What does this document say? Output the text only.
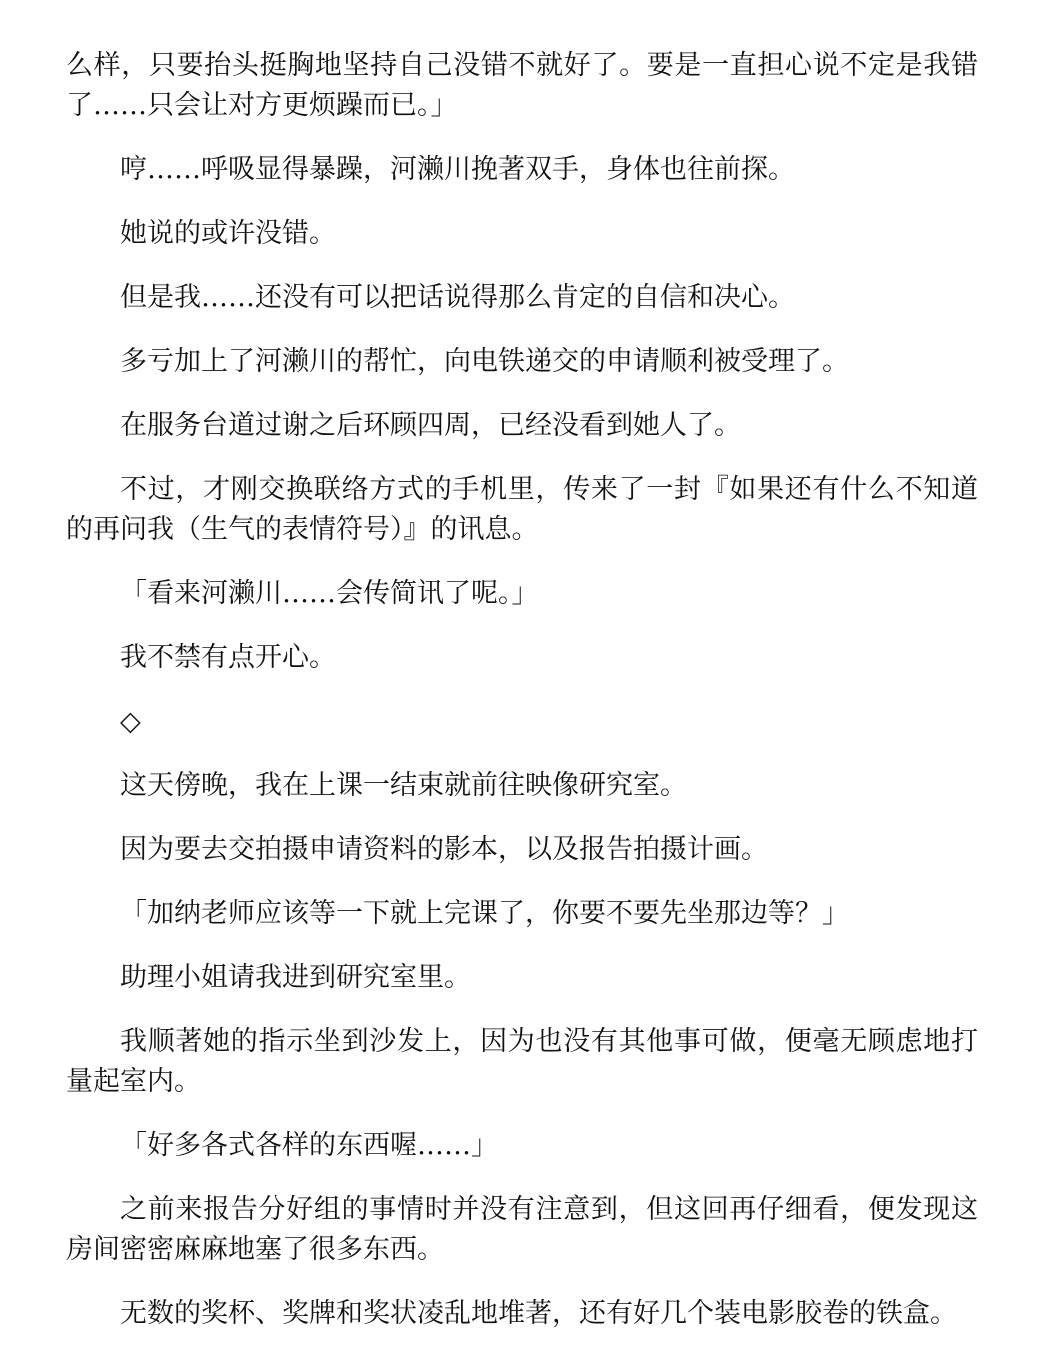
么样，只要抬头挺胸地坚持自己没错不就好了。要是一直担心说不定是我错了……只会让对方更烦躁而已。」

哼……呼吸显得暴躁，河濑川挽著双手，身体也往前探。

她说的或许没错。

但是我……还没有可以把话说得那么肯定的自信和决心。

多亏加上了河濑川的帮忙，向电铁递交的申请顺利被受理了。

在服务台道过谢之后环顾四周，已经没看到她人了。

不过，才刚交换联络方式的手机里，传来了一封『如果还有什么不知道的再问我（生气的表情符号）』的讯息。

「看来河濑川……会传简讯了呢。」

我不禁有点开心。

◇

这天傍晚，我在上课一结束就前往映像研究室。

因为要去交拍摄申请资料的影本，以及报告拍摄计画。

「加纳老师应该等一下就上完课了，你要不要先坐那边等？」

助理小姐请我进到研究室里。

我顺著她的指示坐到沙发上，因为也没有其他事可做，便毫无顾虑地打量起室内。

「好多各式各样的东西喔……」

之前来报告分好组的事情时并没有注意到，但这回再仔细看，便发现这房间密密麻麻地塞了很多东西。

无数的奖杯、奖牌和奖状凌乱地堆著，还有好几个装电影胶卷的铁盒。
